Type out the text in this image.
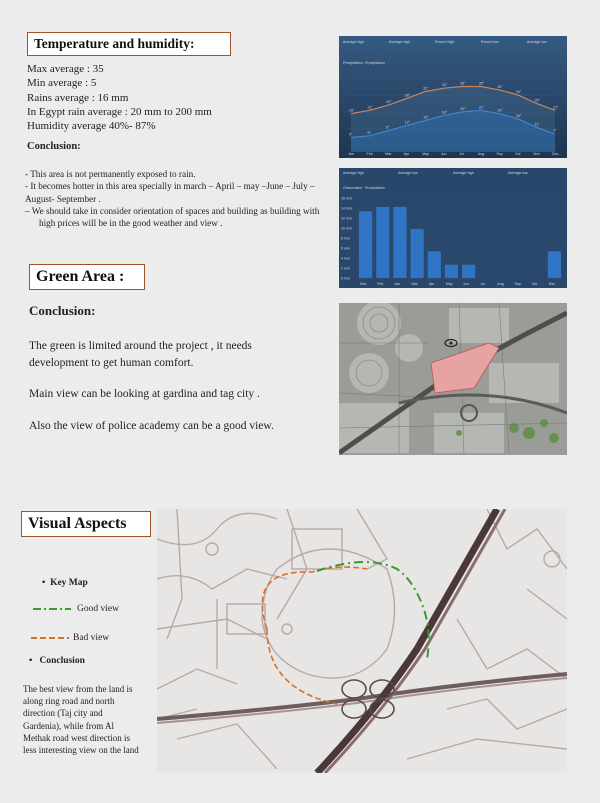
Temperature and humidity:
Max average : 35
Min average : 5
Rains average : 16 mm
In Egypt rain average : 20 mm to 200 mm
Humidity average 40%- 87%
Conclusion:
- This area is not permanently exposed to rain.
- It becomes hotter in this area specially in march – April – may –June – July –August- September .
– We should take in consider orientation of spaces and building as building with high prices will be in the good weather and view .
Average high	Average high	Record high	Record low	Average low
Precipitation Precipitation
19°
21°
24°
28°
32°
34°	35°	35°
33°
30°
25°
21°
5°	6°
9°
12°
15°
18°
20°	21°
19°
16°
11°
7°
Jan	Feb	Mar	Apr	May	Jun	Jul	Aug	Sep	Oct	Nov	Dec
Average high	Average low	Average high	Average low
Observation Precipitation
16 mm
14 mm
12 mm
10 mm
8 mm
6 mm
4 mm
2 mm
0 mm
Nov	Feb	Jan	Mar	Apr	May	Jun	Jul	Aug	Sep	Oct	Dec
Green Area :
Conclusion:

The green is limited around the project , it needs development to get human comfort.

Main view can be looking at gardina and tag city .

Also the view of police academy can be a good view.

Visual Aspects
• Key Map
Good view
Bad view
• Conclusion
The best view from the land is along ring road and north direction (Taj city and Gardenia), while from Al Methak road west direction is less interesting view on the land
